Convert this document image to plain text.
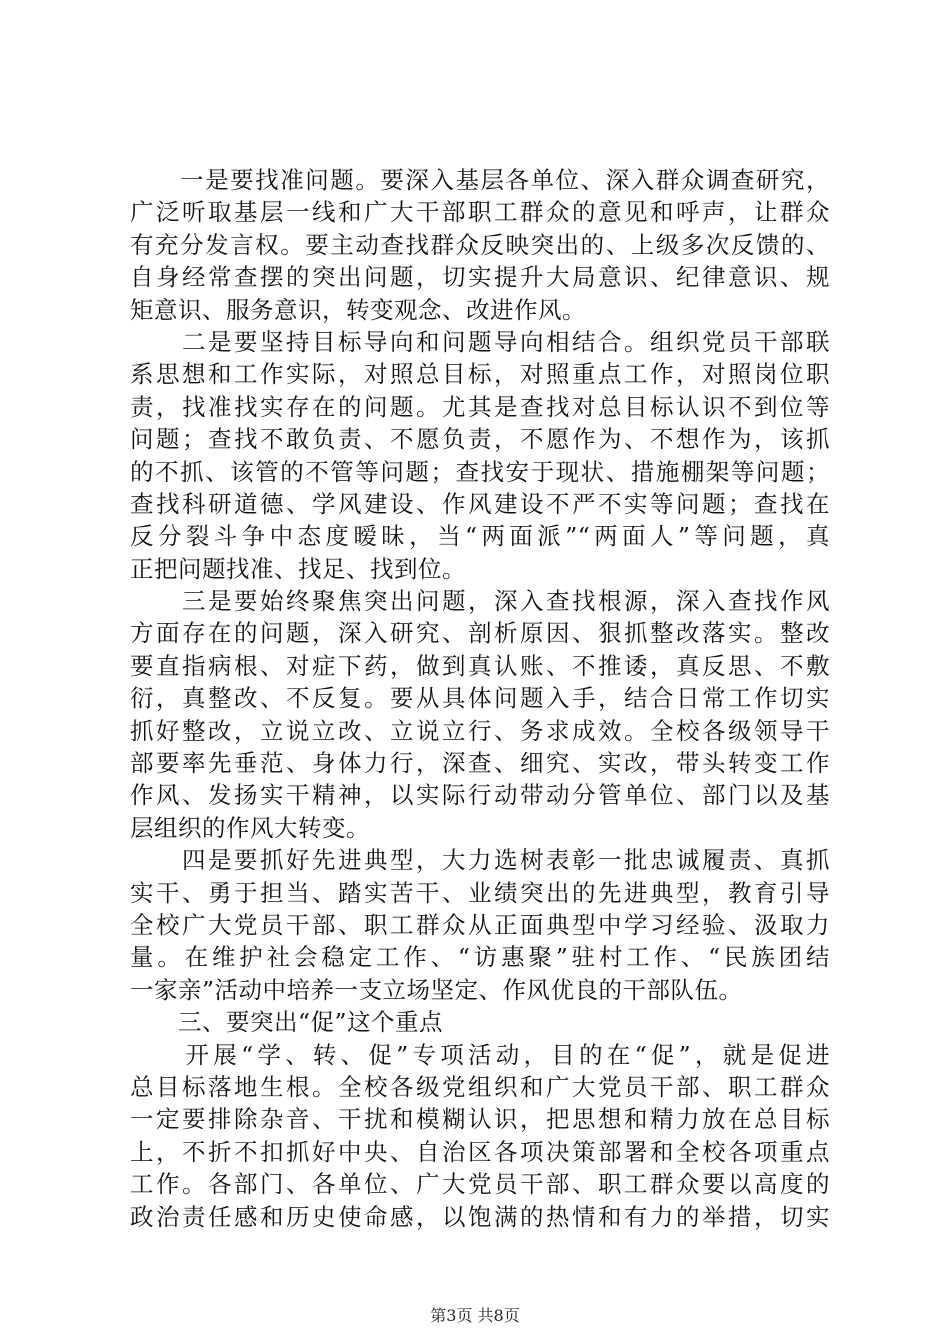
　　一是要找准问题。要深入基层各单位、深入群众调查研究，
广泛听取基层一线和广大干部职工群众的意见和呼声，让群众
有充分发言权。要主动查找群众反映突出的、上级多次反馈的、
自身经常查摆的突出问题，切实提升大局意识、纪律意识、规
矩意识、服务意识，转变观念、改进作风。
　　二是要坚持目标导向和问题导向相结合。组织党员干部联
系思想和工作实际，对照总目标，对照重点工作，对照岗位职
责，找准找实存在的问题。尤其是查找对总目标认识不到位等
问题；查找不敢负责、不愿负责，不愿作为、不想作为，该抓
的不抓、该管的不管等问题；查找安于现状、措施棚架等问题；
查找科研道德、学风建设、作风建设不严不实等问题；查找在
反分裂斗争中态度暧昧，当“两面派”“两面人”等问题，真
正把问题找准、找足、找到位。
　　三是要始终聚焦突出问题，深入查找根源，深入查找作风
方面存在的问题，深入研究、剖析原因、狠抓整改落实。整改
要直指病根、对症下药，做到真认账、不推诿，真反思、不敷
衍，真整改、不反复。要从具体问题入手，结合日常工作切实
抓好整改，立说立改、立说立行、务求成效。全校各级领导干
部要率先垂范、身体力行，深查、细究、实改，带头转变工作
作风、发扬实干精神，以实际行动带动分管单位、部门以及基
层组织的作风大转变。
　　四是要抓好先进典型，大力选树表彰一批忠诚履责、真抓
实干、勇于担当、踏实苦干、业绩突出的先进典型，教育引导
全校广大党员干部、职工群众从正面典型中学习经验、汲取力
量。在维护社会稳定工作、“访惠聚”驻村工作、“民族团结
一家亲”活动中培养一支立场坚定、作风优良的干部队伍。
　　三、要突出“促”这个重点
　　开展“学、转、促”专项活动，目的在“促”，就是促进
总目标落地生根。全校各级党组织和广大党员干部、职工群众
一定要排除杂音、干扰和模糊认识，把思想和精力放在总目标
上，不折不扣抓好中央、自治区各项决策部署和全校各项重点
工作。各部门、各单位、广大党员干部、职工群众要以高度的
政治责任感和历史使命感，以饱满的热情和有力的举措，切实
第3页 共8页
